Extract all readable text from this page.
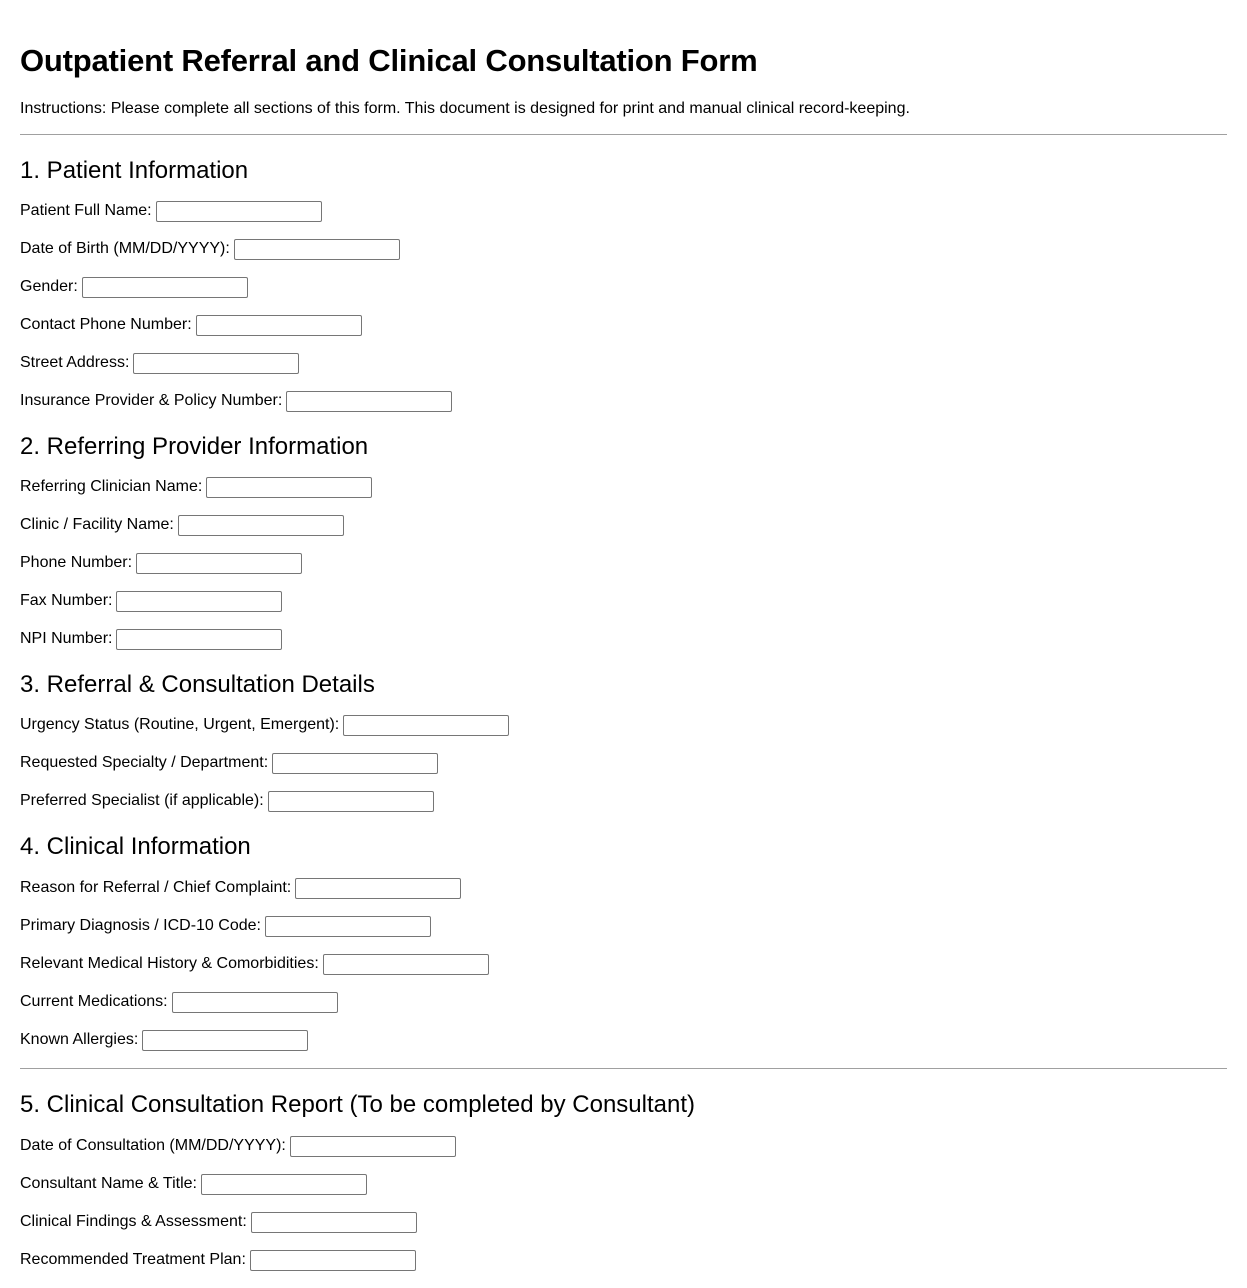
Outpatient Referral and Clinical Consultation Form

Instructions: Please complete all sections of this form. This document is designed for print and manual clinical record-keeping.

1. Patient Information
Patient Full Name:
Date of Birth (MM/DD/YYYY):
Gender:
Contact Phone Number:
Street Address:
Insurance Provider & Policy Number:
2. Referring Provider Information
Referring Clinician Name:
Clinic / Facility Name:
Phone Number:
Fax Number:
NPI Number:
3. Referral & Consultation Details
Urgency Status (Routine, Urgent, Emergent):
Requested Specialty / Department:
Preferred Specialist (if applicable):
4. Clinical Information
Reason for Referral / Chief Complaint:
Primary Diagnosis / ICD-10 Code:
Relevant Medical History & Comorbidities:
Current Medications:
Known Allergies:
5. Clinical Consultation Report (To be completed by Consultant)
Date of Consultation (MM/DD/YYYY):
Consultant Name & Title:
Clinical Findings & Assessment:
Recommended Treatment Plan:
